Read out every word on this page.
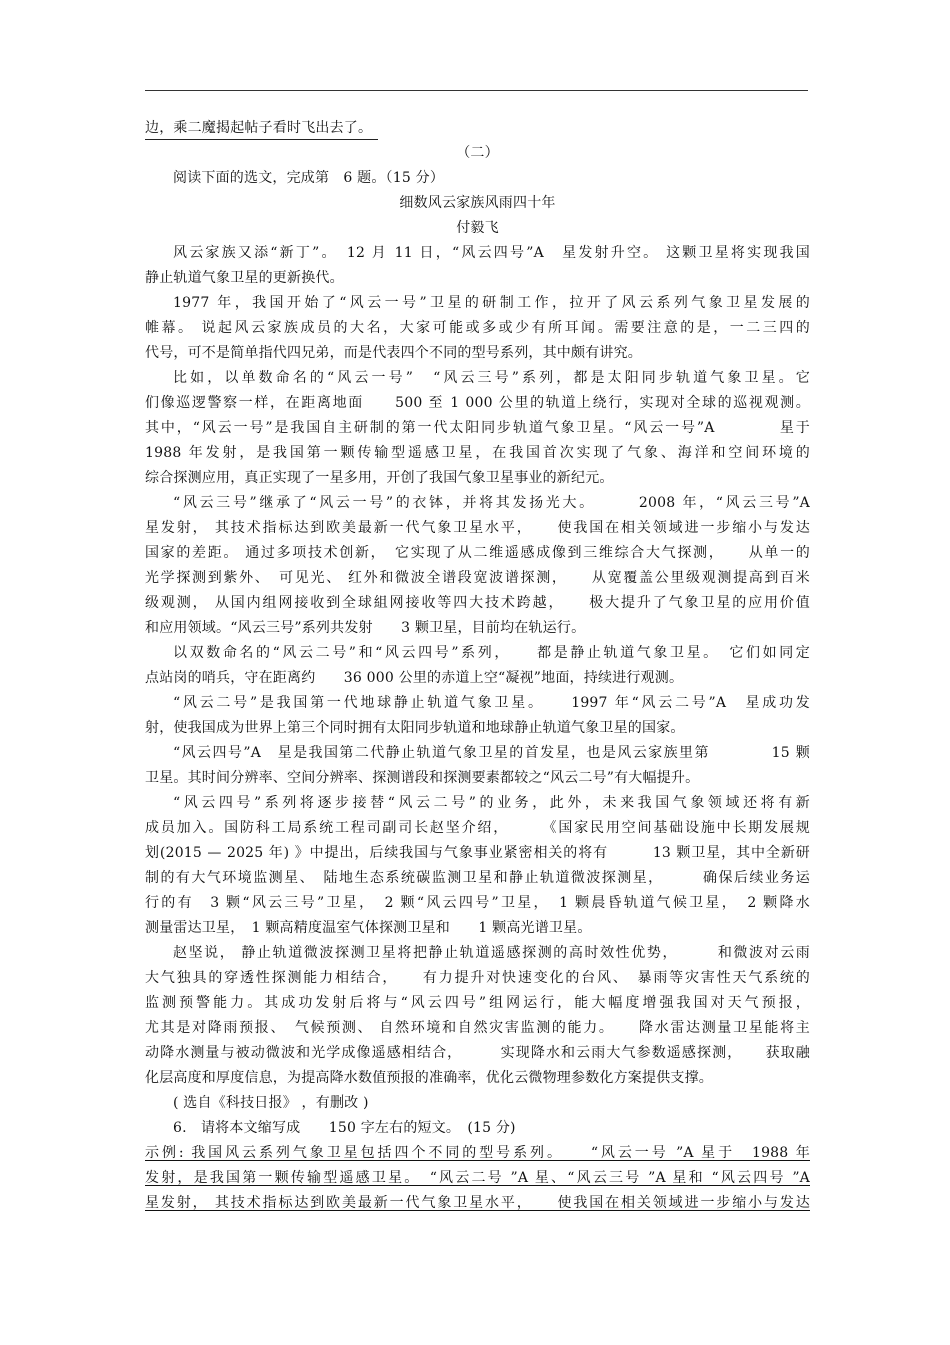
边，乘二魔揭起帖子看时飞出去了。
（二）
阅读下面的选文，完成第　6 题。（15 分）
细数风云家族风雨四十年
付毅飞
风云家族又添“新丁”。　12 月 11 日，“风云四号”A　星发射升空。 这颗卫星将实现我国
静止轨道气象卫星的更新换代。
1977 年，我国开始了“风云一号”卫星的研制工作，拉开了风云系列气象卫星发展的
帷幕。 说起风云家族成员的大名，大家可能或多或少有所耳闻。需要注意的是，一二三四的
代号，可不是简单指代四兄弟，而是代表四个不同的型号系列，其中颇有讲究。
比如，以单数命名的“风云一号”　“风云三号”系列，都是太阳同步轨道气象卫星。它
们像巡逻警察一样，在距离地面　　500 至 1 000 公里的轨道上绕行，实现对全球的巡视观测。
其中，“风云一号”是我国自主研制的第一代太阳同步轨道气象卫星。“风云一号”A　　　　星于
1988 年发射，是我国第一颗传输型遥感卫星，在我国首次实现了气象、海洋和空间环境的
综合探测应用，真正实现了一星多用，开创了我国气象卫星事业的新纪元。
“风云三号”继承了“风云一号”的衣钵，并将其发扬光大。　　　2008 年，“风云三号”A
星发射， 其技术指标达到欧美最新一代气象卫星水平，　　使我国在相关领域进一步缩小与发达
国家的差距。 通过多项技术创新，　它实现了从二维遥感成像到三维综合大气探测，　　从单一的
光学探测到紫外、　可见光、 红外和微波全谱段宽波谱探测，　　从宽覆盖公里级观测提高到百米
级观测， 从国内组网接收到全球組网接收等四大技术跨越，　　极大提升了气象卫星的应用价值
和应用领域。“风云三号”系列共发射　　3 颗卫星，目前均在轨运行。
以双数命名的“风云二号”和“风云四号”系列，　　都是静止轨道气象卫星。　它们如同定
点站岗的哨兵，守在距离约　　36 000 公里的赤道上空“凝视”地面，持续进行观测。
“风云二号”是我国第一代地球静止轨道气象卫星。　　1997 年“风云二号”A　星成功发
射，使我国成为世界上第三个同时拥有太阳同步轨道和地球静止轨道气象卫星的国家。
“风云四号”A　星是我国第二代静止轨道气象卫星的首发星，也是风云家族里第　　　　15 颗
卫星。其时间分辨率、空间分辨率、探测谱段和探测要素都较之“风云二号”有大幅提升。
“风云四号”系列将逐步接替“风云二号”的业务，此外，未来我国气象领域还将有新
成员加入。国防科工局系统工程司副司长赵坚介绍，　　　《国家民用空间基础设施中长期发展规
划(2015 — 2025 年) 》中提出，后续我国与气象事业紧密相关的将有　　　13 颗卫星，其中全新研
制的有大气环境监测星、　陆地生态系统碳监测卫星和静止轨道微波探测星，　　　确保后续业务运
行的有　3 颗“风云三号”卫星，　2 颗“风云四号”卫星，　1 颗晨昏轨道气候卫星，　2 颗降水
测量雷达卫星，　1 颗高精度温室气体探测卫星和　　1 颗高光谱卫星。
赵坚说， 静止轨道微波探测卫星将把静止轨道遥感探测的高时效性优势，　　　和微波对云雨
大气独具的穿透性探测能力相结合，　　有力提升对快速变化的台风、　暴雨等灾害性天气系统的
监测预警能力。其成功发射后将与“风云四号”组网运行，能大幅度增强我国对天气预报，
尤其是对降雨预报、　气候预测、 自然环境和自然灾害监测的能力。　　降水雷达测量卫星能将主
动降水测量与被动微波和光学成像遥感相结合，　　　实现降水和云雨大气参数遥感探测，　　获取融
化层高度和厚度信息，为提高降水数值预报的准确率，优化云微物理参数化方案提供支撑。
( 选自《科技日报》 ，有删改 )
6.　请将本文缩写成　　150 字左右的短文。　(15 分)
示例: 我国风云系列气象卫星包括四个不同的型号系列。　　“风云一号 ”A 星于　1988 年
发射，是我国第一颗传输型遥感卫星。　“风云二号 ”A 星、“风云三号 ”A 星和 “风云四号 ”A
星发射， 其技术指标达到欧美最新一代气象卫星水平，　　使我国在相关领域进一步缩小与发达
